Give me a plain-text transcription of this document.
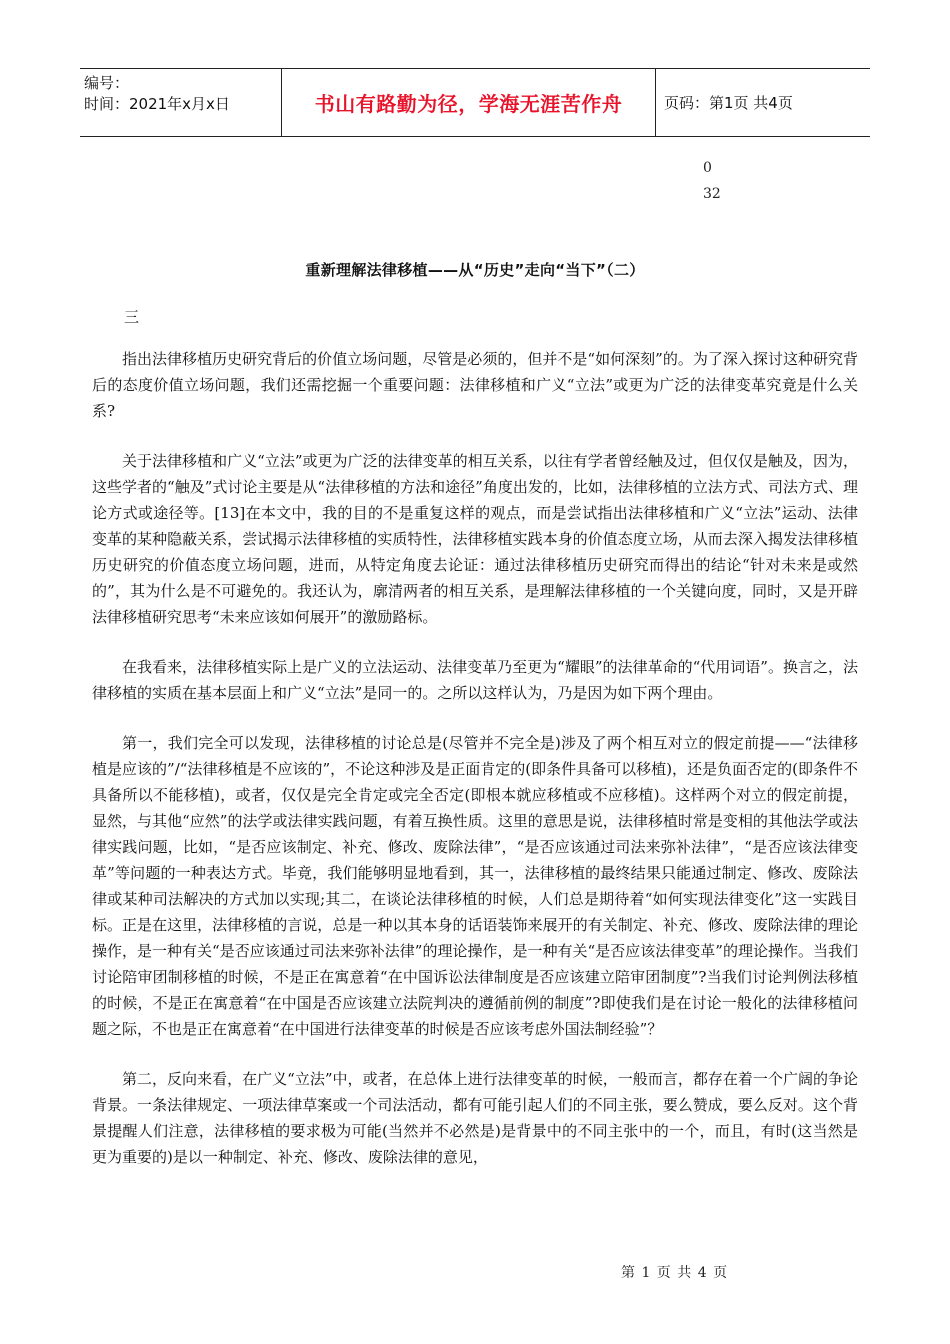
编号：
时间：2021年x月x日	书山有路勤为径，学海无涯苦作舟	页码：第1页 共4页
0
32
重新理解法律移植——从“历史”走向“当下”（二）
三

指出法律移植历史研究背后的价值立场问题，尽管是必须的，但并不是“如何深刻”的。为了深入探讨这种研究背后的态度价值立场问题，我们还需挖掘一个重要问题：法律移植和广义“立法”或更为广泛的法律变革究竟是什么关系?

关于法律移植和广义“立法”或更为广泛的法律变革的相互关系，以往有学者曾经触及过，但仅仅是触及，因为，这些学者的“触及”式讨论主要是从“法律移植的方法和途径”角度出发的，比如，法律移植的立法方式、司法方式、理论方式或途径等。[13]在本文中，我的目的不是重复这样的观点，而是尝试指出法律移植和广义“立法”运动、法律变革的某种隐蔽关系，尝试揭示法律移植的实质特性，法律移植实践本身的价值态度立场，从而去深入揭发法律移植历史研究的价值态度立场问题，进而，从特定角度去论证：通过法律移植历史研究而得出的结论“针对未来是或然的”，其为什么是不可避免的。我还认为，廓清两者的相互关系，是理解法律移植的一个关键向度，同时，又是开辟法律移植研究思考“未来应该如何展开”的激励路标。

在我看来，法律移植实际上是广义的立法运动、法律变革乃至更为“耀眼”的法律革命的“代用词语”。换言之，法律移植的实质在基本层面上和广义“立法”是同一的。之所以这样认为，乃是因为如下两个理由。

第一，我们完全可以发现，法律移植的讨论总是(尽管并不完全是)涉及了两个相互对立的假定前提——“法律移植是应该的”/“法律移植是不应该的”，不论这种涉及是正面肯定的(即条件具备可以移植)，还是负面否定的(即条件不具备所以不能移植)，或者，仅仅是完全肯定或完全否定(即根本就应移植或不应移植)。这样两个对立的假定前提，显然，与其他“应然”的法学或法律实践问题，有着互换性质。这里的意思是说，法律移植时常是变相的其他法学或法律实践问题，比如，“是否应该制定、补充、修改、废除法律”，“是否应该通过司法来弥补法律”，“是否应该法律变革”等问题的一种表达方式。毕竟，我们能够明显地看到，其一，法律移植的最终结果只能通过制定、修改、废除法律或某种司法解决的方式加以实现;其二，在谈论法律移植的时候，人们总是期待着“如何实现法律变化”这一实践目标。正是在这里，法律移植的言说，总是一种以其本身的话语装饰来展开的有关制定、补充、修改、废除法律的理论操作，是一种有关“是否应该通过司法来弥补法律”的理论操作，是一种有关“是否应该法律变革”的理论操作。当我们讨论陪审团制移植的时候，不是正在寓意着“在中国诉讼法律制度是否应该建立陪审团制度”?当我们讨论判例法移植的时候，不是正在寓意着“在中国是否应该建立法院判决的遵循前例的制度”?即使我们是在讨论一般化的法律移植问题之际，不也是正在寓意着“在中国进行法律变革的时候是否应该考虑外国法制经验”？

第二，反向来看，在广义“立法”中，或者，在总体上进行法律变革的时候，一般而言，都存在着一个广阔的争论背景。一条法律规定、一项法律草案或一个司法活动，都有可能引起人们的不同主张，要么赞成，要么反对。这个背景提醒人们注意，法律移植的要求极为可能(当然并不必然是)是背景中的不同主张中的一个，而且，有时(这当然是更为重要的)是以一种制定、补充、修改、废除法律的意见，

第 1 页 共 4 页
